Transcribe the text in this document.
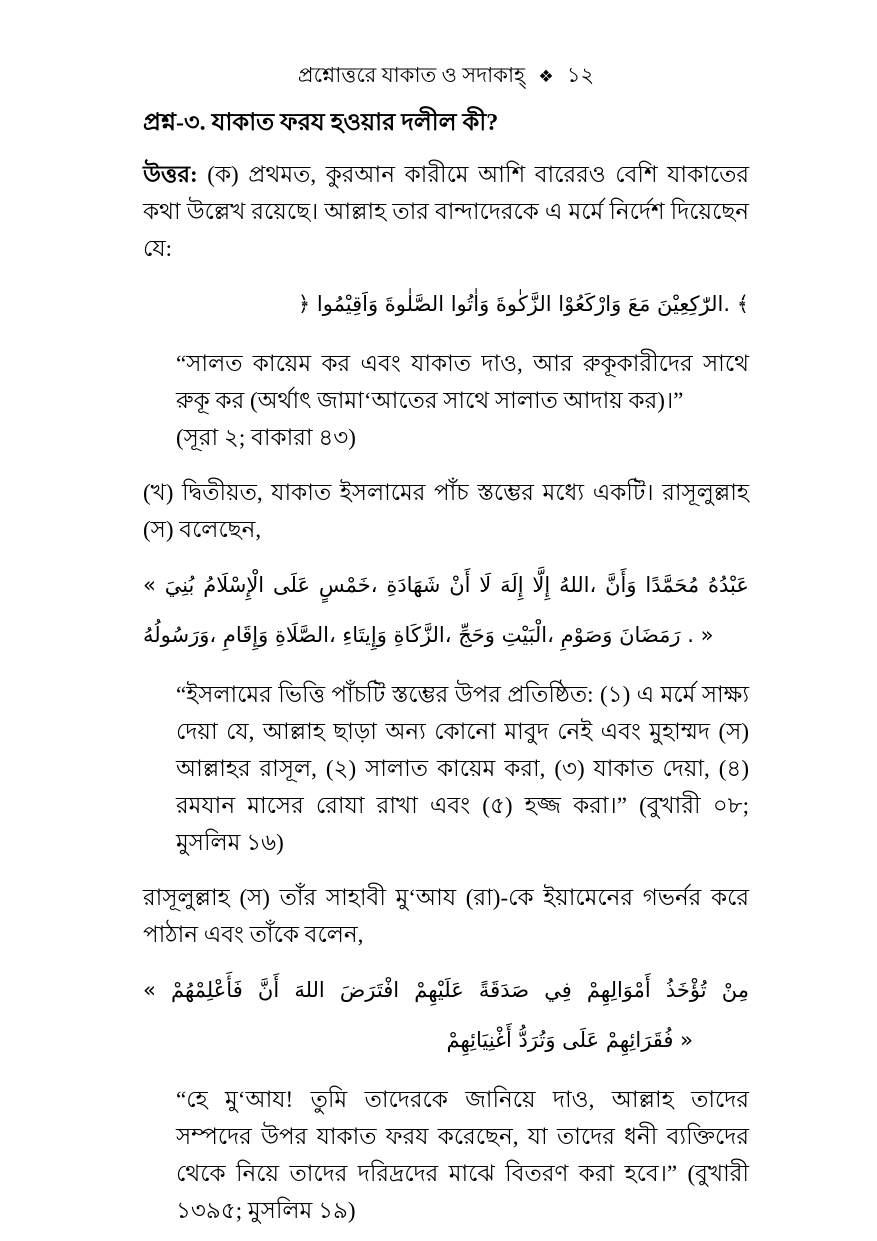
প্রশ্নোত্তরে যাকাত ও সদাকাহ্ ❖ ১২
প্রশ্ন-৩. যাকাত ফরয হওয়ার দলীল কী?

উত্তর: (ক) প্রথমত, কুরআন কারীমে আশি বারেরও বেশি যাকাতের কথা উল্লেখ রয়েছে। আল্লাহ তার বান্দাদেরকে এ মর্মে নির্দেশ দিয়েছেন যে:

﴿ وَاَقِيْمُوا الصَّلٰوةَ وَاٰتُوا الزَّكٰوةَ وَارْكَعُوْا مَعَ الرّٰكِعِيْنَ. ﴾
“সালত কায়েম কর এবং যাকাত দাও, আর রুকূকারীদের সাথে রুকূ কর (অর্থাৎ জামা‘আতের সাথে সালাত আদায় কর)।”
(সূরা ২; বাকারা ৪৩)

(খ) দ্বিতীয়ত, যাকাত ইসলামের পাঁচ স্তম্ভের মধ্যে একটি। রাসূলুল্লাহ (স) বলেছেন,

« بُنِيَ الْإِسْلَامُ عَلَى خَمْسٍ، شَهَادَةِ أَنْ لَا إِلَهَ إِلَّا اللهُ، وَأَنَّ مُحَمَّدًا عَبْدُهُ
وَرَسُولُهُ، وَإِقَامِ الصَّلَاةِ، وَإِيتَاءِ الزَّكَاةِ، وَحَجِّ الْبَيْتِ، وَصَوْمِ رَمَضَانَ . »
“ইসলামের ভিত্তি পাঁচটি স্তম্ভের উপর প্রতিষ্ঠিত: (১) এ মর্মে সাক্ষ্য দেয়া যে, আল্লাহ ছাড়া অন্য কোনো মাবুদ নেই এবং মুহাম্মদ (স) আল্লাহর রাসূল, (২) সালাত কায়েম করা, (৩) যাকাত দেয়া, (৪) রমযান মাসের রোযা রাখা এবং (৫) হজ্জ করা।” (বুখারী ০৮; মুসলিম ১৬)

রাসূলুল্লাহ (স) তাঁর সাহাবী মু‘আয (রা)-কে ইয়ামেনের গভর্নর করে পাঠান এবং তাঁকে বলেন,

« فَأَعْلِمْهُمْ أَنَّ اللهَ افْتَرَضَ عَلَيْهِمْ صَدَقَةً فِي أَمْوَالِهِمْ تُؤْخَذُ مِنْ
أَغْنِيَائِهِمْ وَتُرَدُّ عَلَى فُقَرَائِهِمْ »
“হে মু‘আয! তুমি তাদেরকে জানিয়ে দাও, আল্লাহ তাদের সম্পদের উপর যাকাত ফরয করেছেন, যা তাদের ধনী ব্যক্তিদের থেকে নিয়ে তাদের দরিদ্রদের মাঝে বিতরণ করা হবে।” (বুখারী ১৩৯৫; মুসলিম ১৯)
